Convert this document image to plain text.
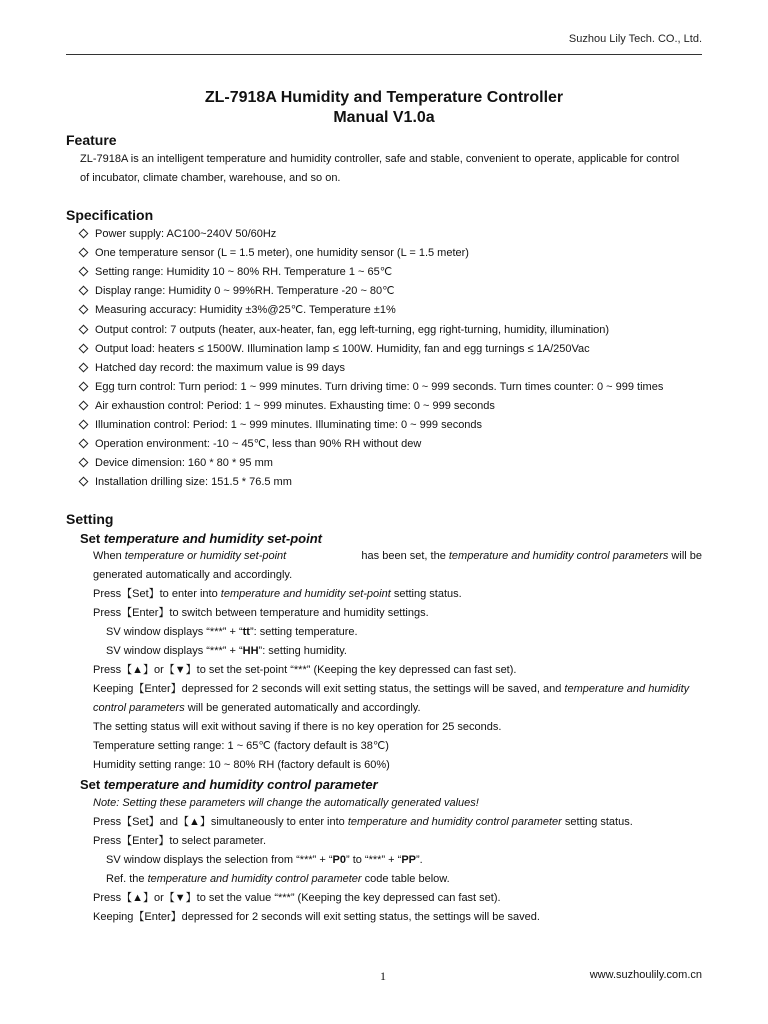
Suzhou Lily Tech. CO., Ltd.
ZL-7918A Humidity and Temperature Controller
Manual V1.0a
Feature
ZL-7918A is an intelligent temperature and humidity controller, safe and stable, convenient to operate, applicable for control
of incubator, climate chamber, warehouse, and so on.
Specification
Power supply: AC100~240V 50/60Hz
One temperature sensor (L = 1.5 meter), one humidity sensor (L = 1.5 meter)
Setting range: Humidity 10 ~ 80% RH. Temperature 1 ~ 65℃
Display range: Humidity 0 ~ 99%RH. Temperature -20 ~ 80℃
Measuring accuracy: Humidity ±3%@25℃. Temperature ±1%
Output control: 7 outputs (heater, aux-heater, fan, egg left-turning, egg right-turning, humidity, illumination)
Output load: heaters ≤ 1500W. Illumination lamp ≤ 100W. Humidity, fan and egg turnings ≤ 1A/250Vac
Hatched day record: the maximum value is 99 days
Egg turn control: Turn period: 1 ~ 999 minutes. Turn driving time: 0 ~ 999 seconds. Turn times counter: 0 ~ 999 times
Air exhaustion control: Period: 1 ~ 999 minutes. Exhausting time: 0 ~ 999 seconds
Illumination control: Period: 1 ~ 999 minutes. Illuminating time: 0 ~ 999 seconds
Operation environment: -10 ~ 45℃, less than 90% RH without dew
Device dimension: 160 * 80 * 95 mm
Installation drilling size: 151.5 * 76.5 mm
Setting
Set temperature and humidity set-point
When temperature or humidity set-point	has been set, the temperature and humidity control parameters will be
generated automatically and accordingly.
Press【Set】to enter into temperature and humidity set-point setting status.
Press【Enter】to switch between temperature and humidity settings.
SV window displays “***” + “tt”: setting temperature.
SV window displays “***” + “HH”: setting humidity.
Press【▲】or【▼】to set the set-point “***” (Keeping the key depressed can fast set).
Keeping【Enter】depressed for 2 seconds will exit setting status, the settings will be saved, and temperature and humidity
control parameters will be generated automatically and accordingly.
The setting status will exit without saving if there is no key operation for 25 seconds.
Temperature setting range: 1 ~ 65℃ (factory default is 38℃)
Humidity setting range: 10 ~ 80% RH (factory default is 60%)
Set temperature and humidity control parameter
Note: Setting these parameters will change the automatically generated values!
Press【Set】and【▲】simultaneously to enter into temperature and humidity control parameter setting status.
Press【Enter】to select parameter.
SV window displays the selection from “***” + “P0” to “***” + “PP”.
Ref. the temperature and humidity control parameter code table below.
Press【▲】or【▼】to set the value “***” (Keeping the key depressed can fast set).
Keeping【Enter】depressed for 2 seconds will exit setting status, the settings will be saved.
1	www.suzhoulily.com.cn
